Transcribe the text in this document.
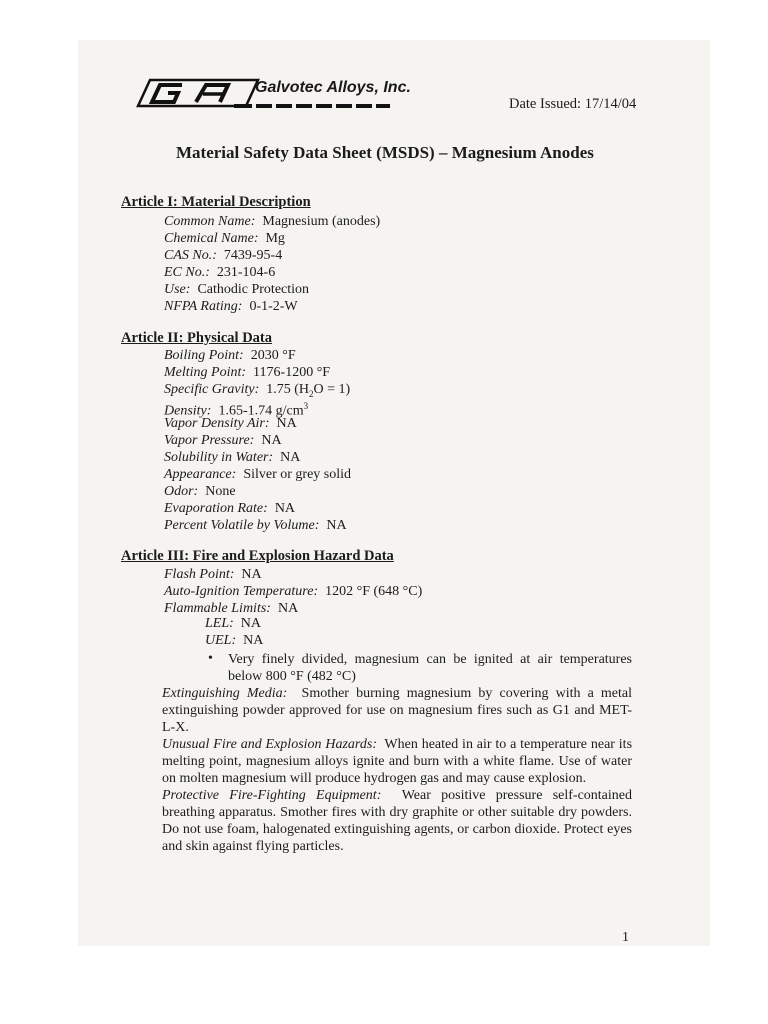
Galvotec Alloys, Inc.
Date Issued: 17/14/04
Material Safety Data Sheet (MSDS) – Magnesium Anodes
Article I: Material Description
Common Name: Magnesium (anodes)
Chemical Name: Mg
CAS No.: 7439-95-4
EC No.: 231-104-6
Use: Cathodic Protection
NFPA Rating: 0-1-2-W
Article II: Physical Data
Boiling Point: 2030 °F
Melting Point: 1176-1200 °F
Specific Gravity: 1.75 $(H_2O = 1)$
Density: 1.65-1.74 $g/cm^3$
Vapor Density Air: NA
Vapor Pressure: NA
Solubility in Water: NA
Appearance: Silver or grey solid
Odor: None
Evaporation Rate: NA
Percent Volatile by Volume: NA
Article III: Fire and Explosion Hazard Data
Flash Point: NA
Auto-Ignition Temperature: 1202 °F (648 °C)
Flammable Limits: NA
LEL: NA
UEL: NA
• Very finely divided, magnesium can be ignited at air temperatures below 800 °F (482 °C)
Extinguishing Media: Smother burning magnesium by covering with a metal extinguishing powder approved for use on magnesium fires such as G1 and MET-L-X.
Unusual Fire and Explosion Hazards: When heated in air to a temperature near its melting point, magnesium alloys ignite and burn with a white flame. Use of water on molten magnesium will produce hydrogen gas and may cause explosion.
Protective Fire-Fighting Equipment: Wear positive pressure self-contained breathing apparatus. Smother fires with dry graphite or other suitable dry powders. Do not use foam, halogenated extinguishing agents, or carbon dioxide. Protect eyes and skin against flying particles.
1
